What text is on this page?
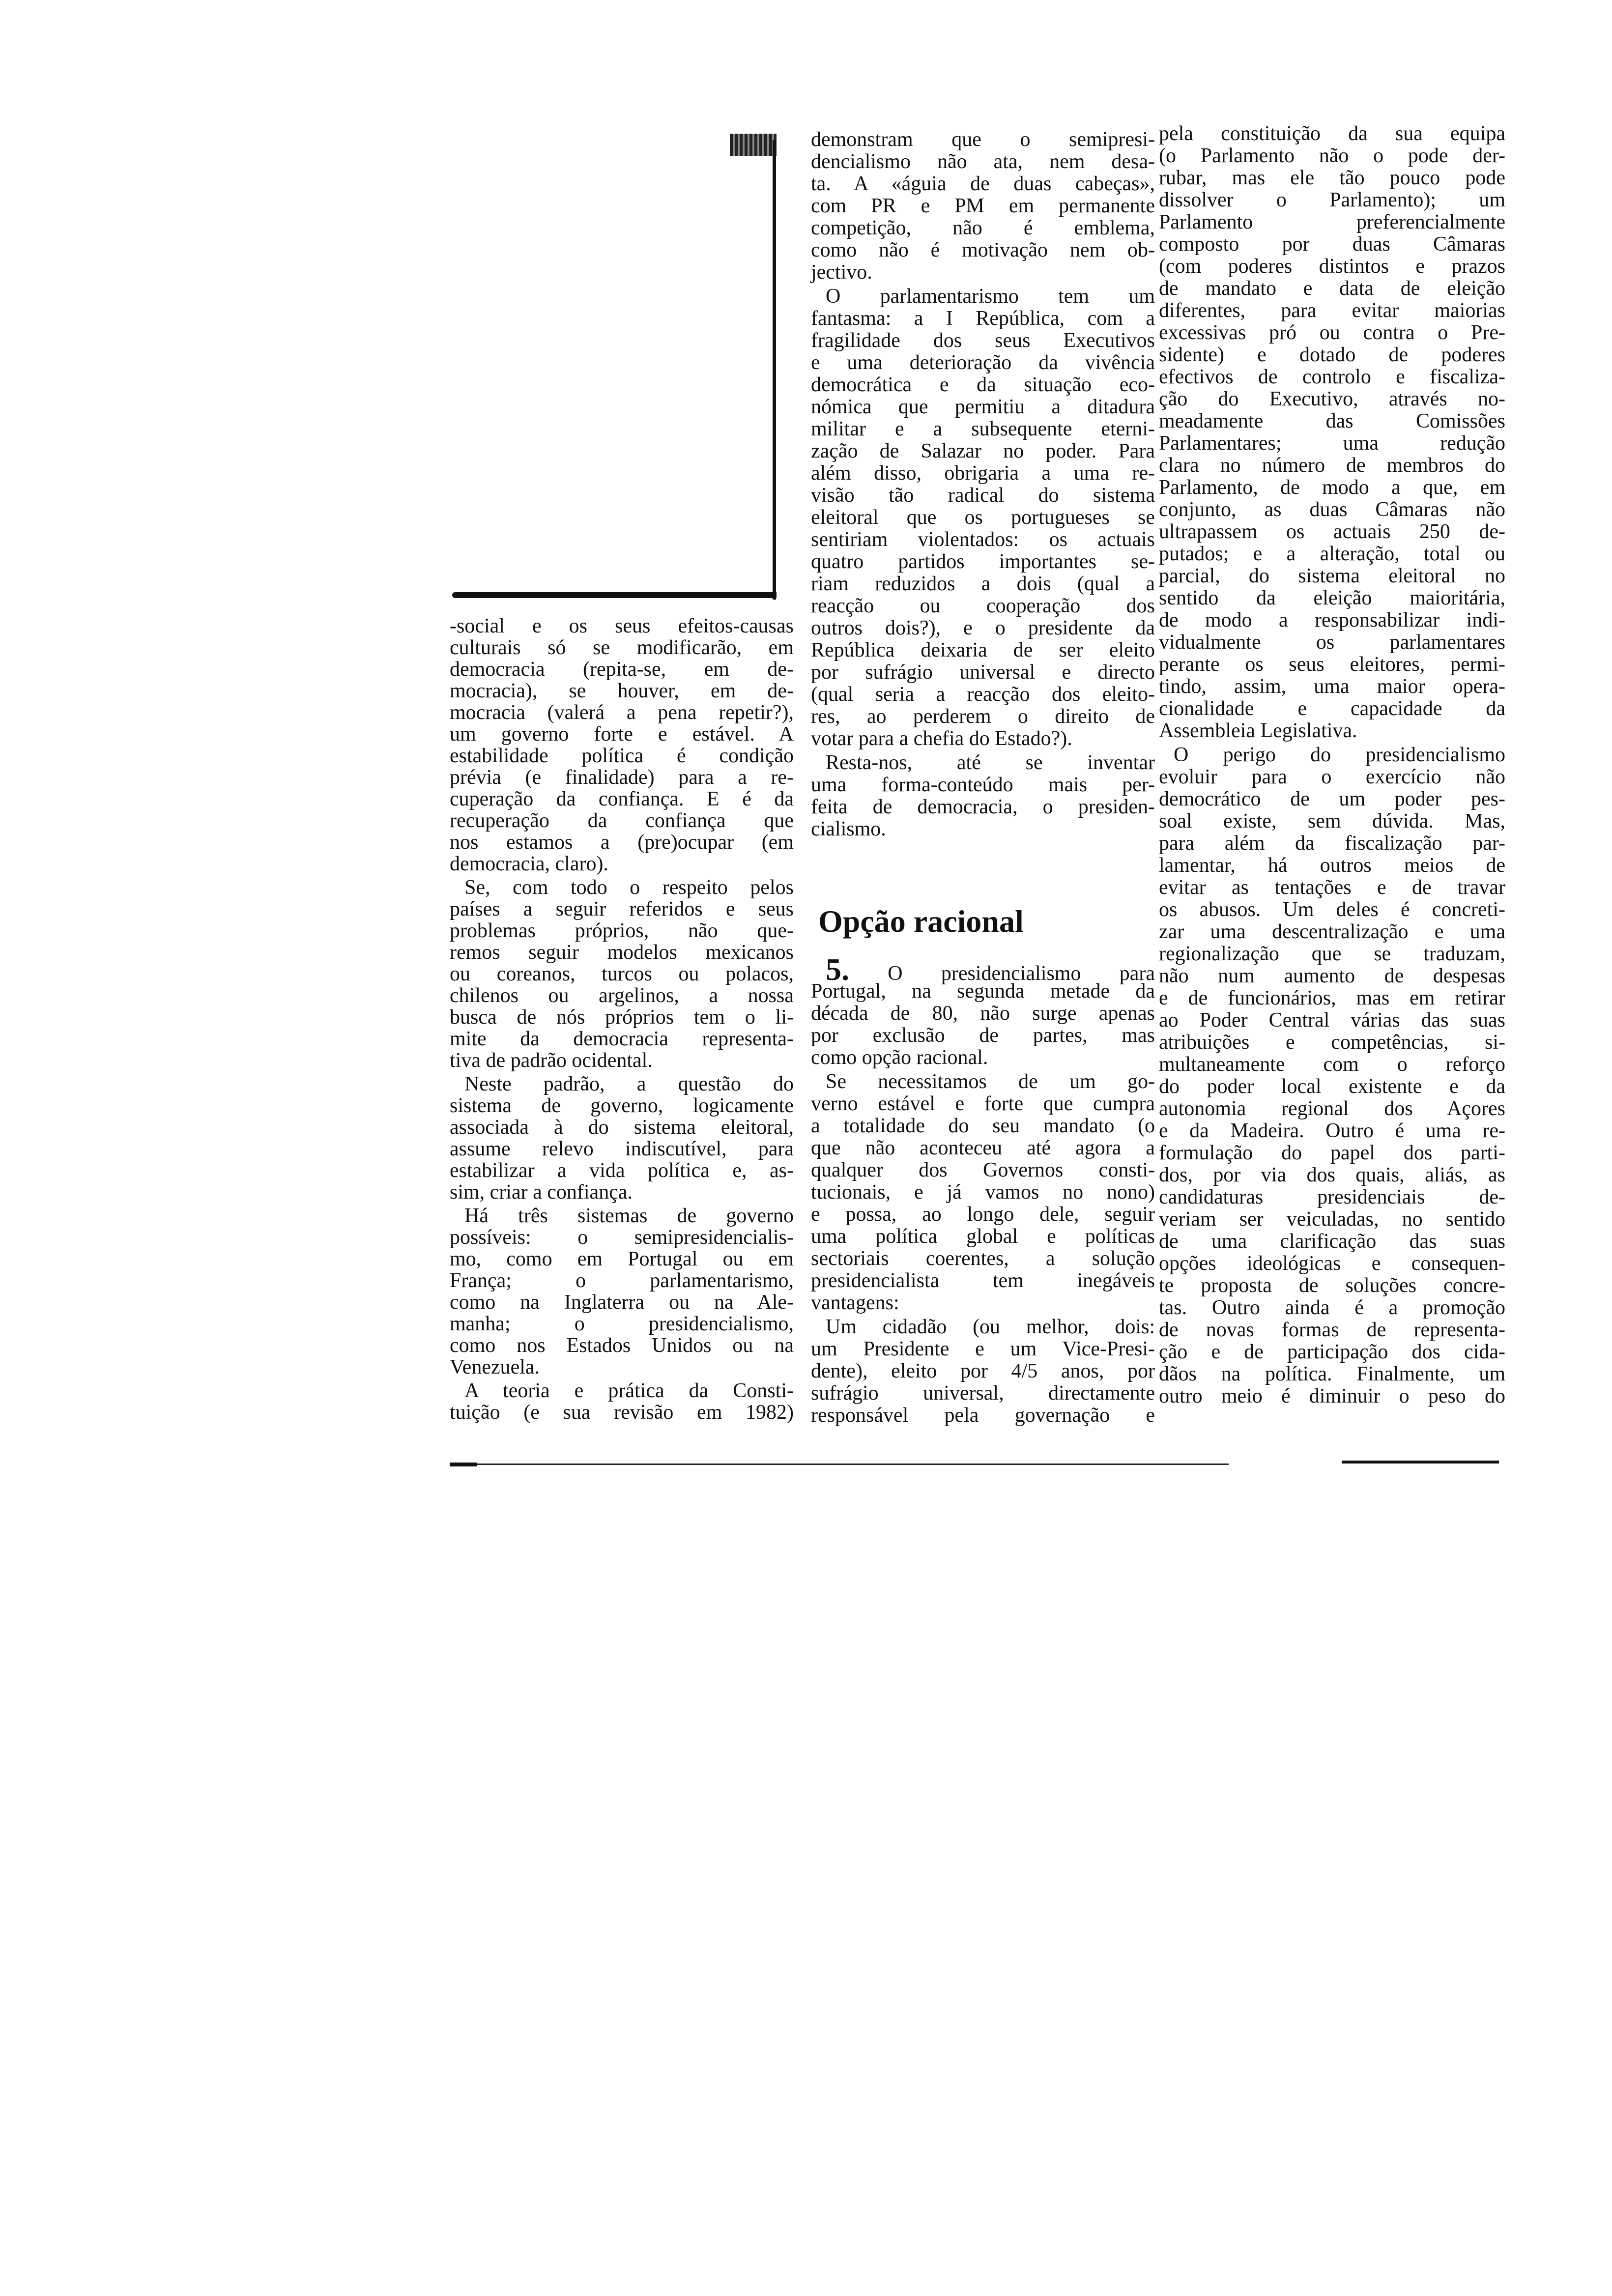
-social e os seus efeitos-causas
culturais só se modificarão, em
democracia (repita-se, em de-
mocracia), se houver, em de-
mocracia (valerá a pena repetir?),
um governo forte e estável. A
estabilidade política é condição
prévia (e finalidade) para a re-
cuperação da confiança. E é da
recuperação da confiança que
nos estamos a (pre)ocupar (em
democracia, claro).
Se, com todo o respeito pelos
países a seguir referidos e seus
problemas próprios, não que-
remos seguir modelos mexicanos
ou coreanos, turcos ou polacos,
chilenos ou argelinos, a nossa
busca de nós próprios tem o li-
mite da democracia representa-
tiva de padrão ocidental.
Neste padrão, a questão do
sistema de governo, logicamente
associada à do sistema eleitoral,
assume relevo indiscutível, para
estabilizar a vida política e, as-
sim, criar a confiança.
Há três sistemas de governo
possíveis: o semipresidencialis-
mo, como em Portugal ou em
França; o parlamentarismo,
como na Inglaterra ou na Ale-
manha; o presidencialismo,
como nos Estados Unidos ou na
Venezuela.
A teoria e prática da Consti-
tuição (e sua revisão em 1982)
demonstram que o semipresi-
dencialismo não ata, nem desa-
ta. A «águia de duas cabeças»,
com PR e PM em permanente
competição, não é emblema,
como não é motivação nem ob-
jectivo.
O parlamentarismo tem um
fantasma: a I República, com a
fragilidade dos seus Executivos
e uma deterioração da vivência
democrática e da situação eco-
nómica que permitiu a ditadura
militar e a subsequente eterni-
zação de Salazar no poder. Para
além disso, obrigaria a uma re-
visão tão radical do sistema
eleitoral que os portugueses se
sentiriam violentados: os actuais
quatro partidos importantes se-
riam reduzidos a dois (qual a
reacção ou cooperação dos
outros dois?), e o presidente da
República deixaria de ser eleito
por sufrágio universal e directo
(qual seria a reacção dos eleito-
res, ao perderem o direito de
votar para a chefia do Estado?).
Resta-nos, até se inventar
uma forma-conteúdo mais per-
feita de democracia, o presiden-
cialismo.
Opção racional
5. O presidencialismo para
Portugal, na segunda metade da
década de 80, não surge apenas
por exclusão de partes, mas
como opção racional.
Se necessitamos de um go-
verno estável e forte que cumpra
a totalidade do seu mandato (o
que não aconteceu até agora a
qualquer dos Governos consti-
tucionais, e já vamos no nono)
e possa, ao longo dele, seguir
uma política global e políticas
sectoriais coerentes, a solução
presidencialista tem inegáveis
vantagens:
Um cidadão (ou melhor, dois:
um Presidente e um Vice-Presi-
dente), eleito por 4/5 anos, por
sufrágio universal, directamente
responsável pela governação e
pela constituição da sua equipa
(o Parlamento não o pode der-
rubar, mas ele tão pouco pode
dissolver o Parlamento); um
Parlamento preferencialmente
composto por duas Câmaras
(com poderes distintos e prazos
de mandato e data de eleição
diferentes, para evitar maiorias
excessivas pró ou contra o Pre-
sidente) e dotado de poderes
efectivos de controlo e fiscaliza-
ção do Executivo, através no-
meadamente das Comissões
Parlamentares; uma redução
clara no número de membros do
Parlamento, de modo a que, em
conjunto, as duas Câmaras não
ultrapassem os actuais 250 de-
putados; e a alteração, total ou
parcial, do sistema eleitoral no
sentido da eleição maioritária,
de modo a responsabilizar indi-
vidualmente os parlamentares
perante os seus eleitores, permi-
tindo, assim, uma maior opera-
cionalidade e capacidade da
Assembleia Legislativa.
O perigo do presidencialismo
evoluir para o exercício não
democrático de um poder pes-
soal existe, sem dúvida. Mas,
para além da fiscalização par-
lamentar, há outros meios de
evitar as tentações e de travar
os abusos. Um deles é concreti-
zar uma descentralização e uma
regionalização que se traduzam,
não num aumento de despesas
e de funcionários, mas em retirar
ao Poder Central várias das suas
atribuições e competências, si-
multaneamente com o reforço
do poder local existente e da
autonomia regional dos Açores
e da Madeira. Outro é uma re-
formulação do papel dos parti-
dos, por via dos quais, aliás, as
candidaturas presidenciais de-
veriam ser veiculadas, no sentido
de uma clarificação das suas
opções ideológicas e consequen-
te proposta de soluções concre-
tas. Outro ainda é a promoção
de novas formas de representa-
ção e de participação dos cida-
dãos na política. Finalmente, um
outro meio é diminuir o peso do
